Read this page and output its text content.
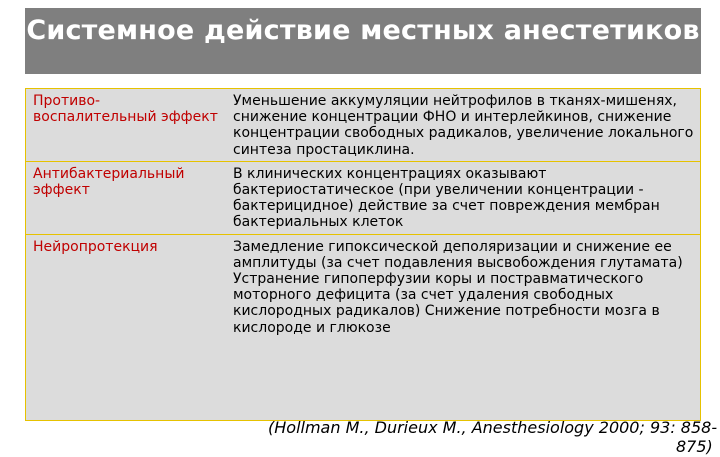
Системное действие местных анестетиков
Противо-воспалительный эффект	Уменьшение аккумуляции нейтрофилов в тканях-мишенях, снижение концентрации ФНО и интерлейкинов, снижение концентрации свободных радикалов, увеличение локального синтеза простациклина.
Антибактериальный эффект	В клинических концентрациях оказывают бактериостатическое (при увеличении концентрации - бактерицидное) действие за счет повреждения мембран бактериальных клеток
Нейропротекция	Замедление гипоксической деполяризации и снижение ее амплитуды (за счет подавления высвобождения глутамата) Устранение гипоперфузии коры и постравматического моторного дефицита (за счет удаления свободных кислородных радикалов) Снижение потребности мозга в кислороде и глюкозе

(Hollman M., Durieux M., Anesthesiology 2000; 93: 858-

875)
